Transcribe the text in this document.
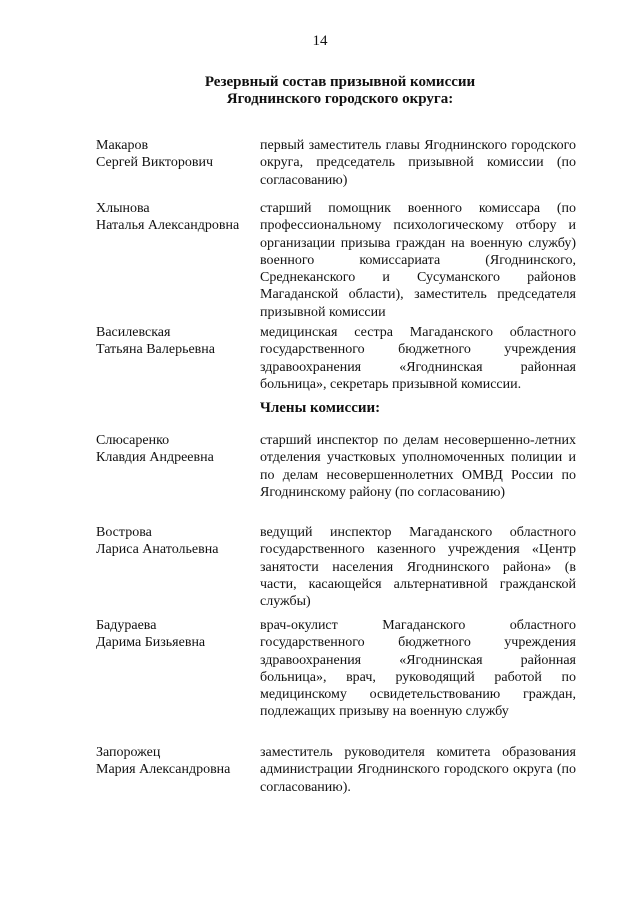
14
Резервный состав призывной комиссии
Ягоднинского городского округа:
Макаров
Сергей Викторович
первый заместитель главы Ягоднинского городского округа, председатель призывной комиссии (по согласованию)
Хлынова
Наталья Александровна
старший помощник военного комиссара (по профессиональному психологическому отбору и организации призыва граждан на военную службу) военного комиссариата (Ягоднинского, Среднеканского и Сусуманского районов Магаданской области), заместитель председателя призывной комиссии
Василевская
Татьяна Валерьевна
медицинская сестра Магаданского областного государственного бюджетного учреждения здравоохранения «Ягоднинская районная больница», секретарь призывной комиссии.
Члены комиссии:
Слюсаренко
Клавдия Андреевна
старший инспектор по делам несовершенно-летних отделения участковых уполномоченных полиции и по делам несовершеннолетних ОМВД России по Ягоднинскому району (по согласованию)
Вострова
Лариса Анатольевна
ведущий инспектор Магаданского областного государственного казенного учреждения «Центр занятости населения Ягоднинского района» (в части, касающейся альтернативной гражданской службы)
Бадураева
Дарима Бизьяевна
врач-окулист Магаданского областного государственного бюджетного учреждения здравоохранения «Ягоднинская районная больница», врач, руководящий работой по медицинскому освидетельствованию граждан, подлежащих призыву на военную службу
Запорожец
Мария Александровна
заместитель руководителя комитета образования администрации Ягоднинского городского округа (по согласованию).
